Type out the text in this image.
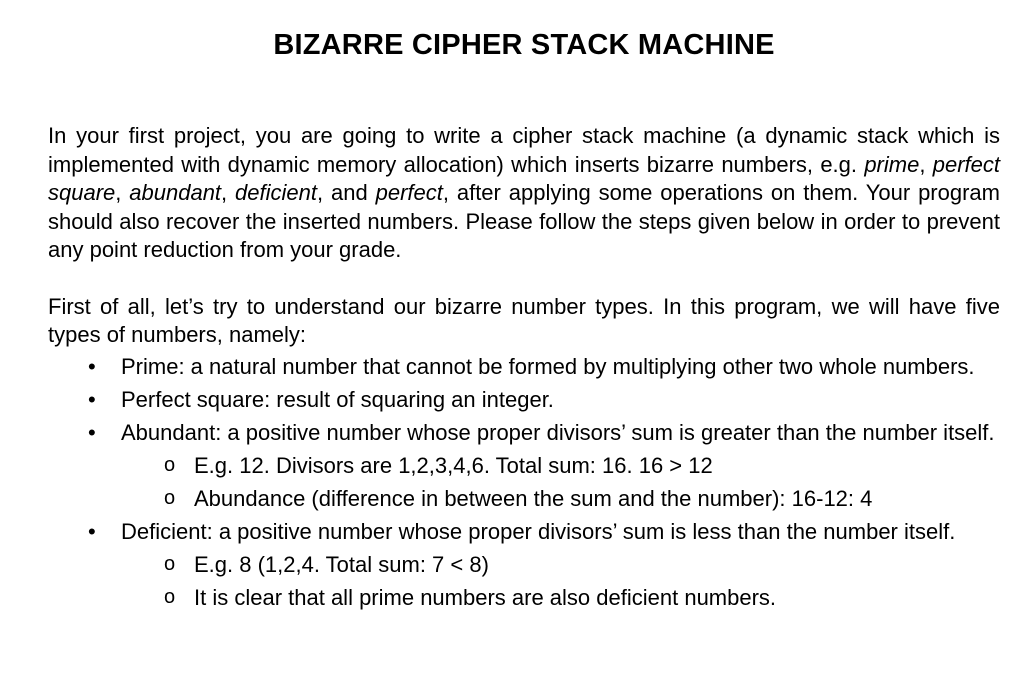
BIZARRE CIPHER STACK MACHINE

In your first project, you are going to write a cipher stack machine (a dynamic stack which is implemented with dynamic memory allocation) which inserts bizarre numbers, e.g. prime, perfect square, abundant, deficient, and perfect, after applying some operations on them. Your program should also recover the inserted numbers. Please follow the steps given below in order to prevent any point reduction from your grade.

First of all, let’s try to understand our bizarre number types. In this program, we will have five types of numbers, namely:

•	Prime: a natural number that cannot be formed by multiplying other two whole numbers.
•	Perfect square: result of squaring an integer.
•	Abundant: a positive number whose proper divisors’ sum is greater than the number itself.
o E.g. 12. Divisors are 1,2,3,4,6. Total sum: 16. 16 > 12
o Abundance (difference in between the sum and the number): 16-12: 4
•	Deficient: a positive number whose proper divisors’ sum is less than the number itself.
o E.g. 8 (1,2,4. Total sum: 7 < 8)
o It is clear that all prime numbers are also deficient numbers.
